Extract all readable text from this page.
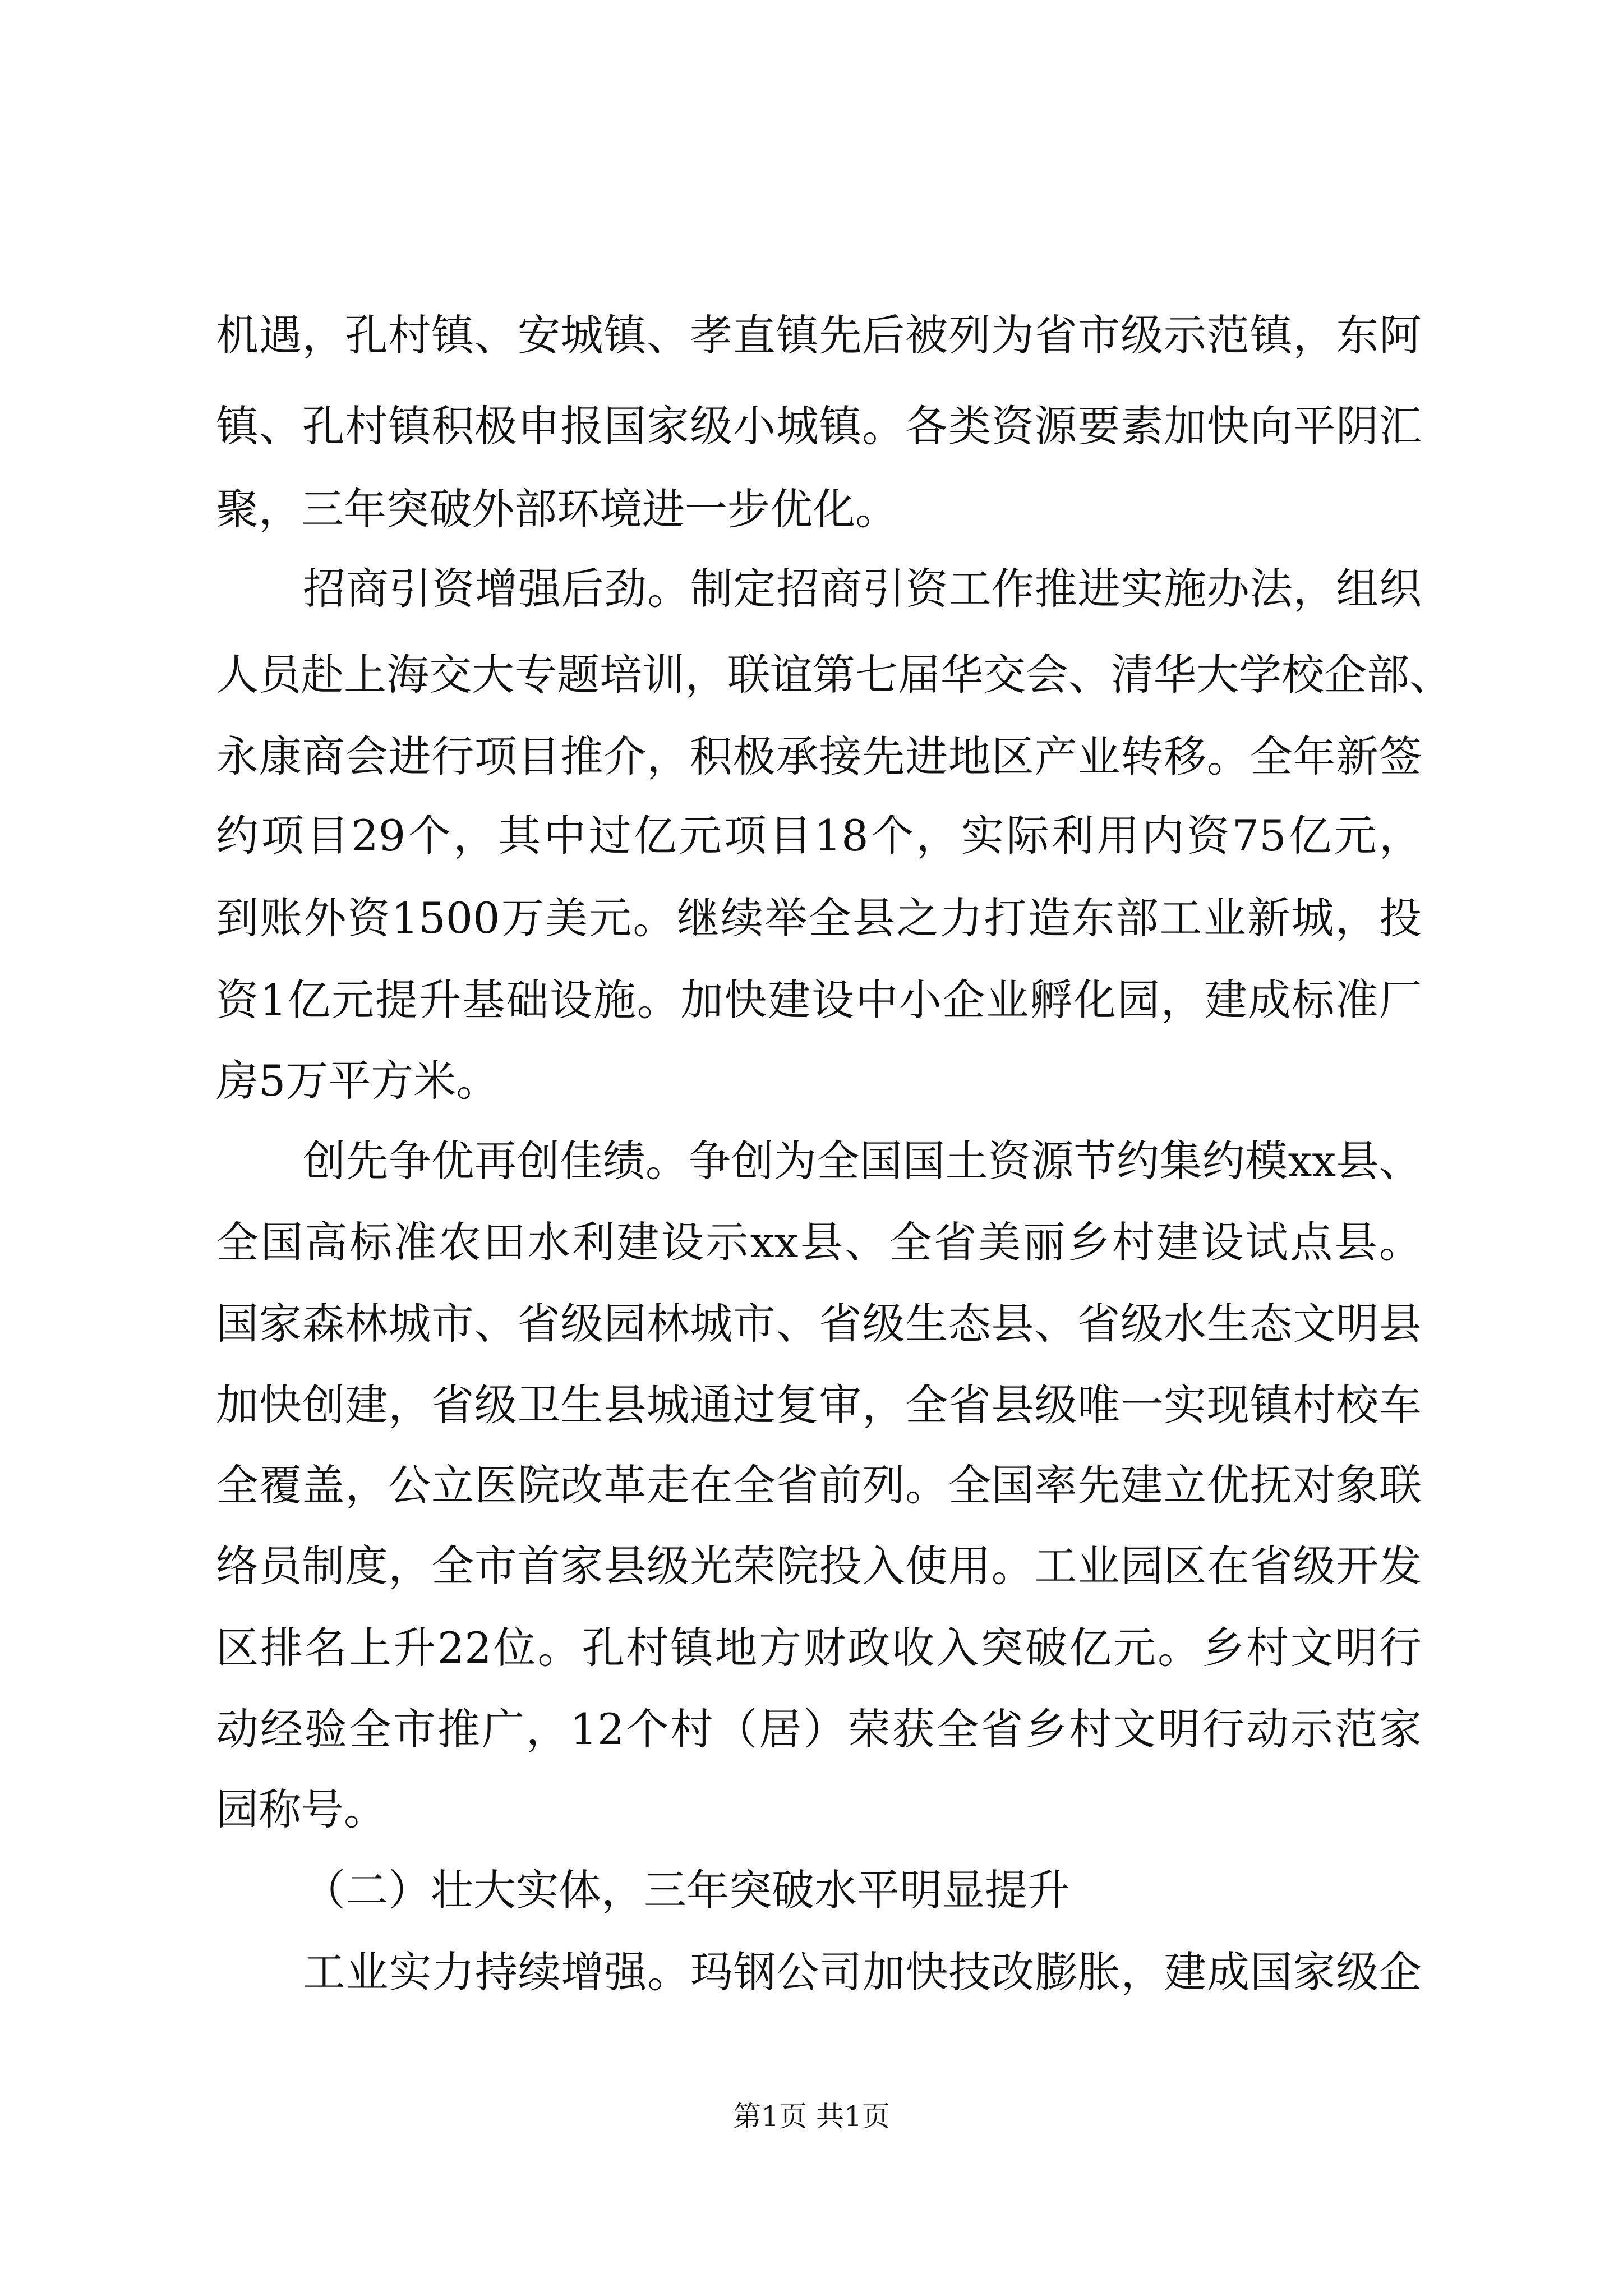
机遇，孔村镇、安城镇、孝直镇先后被列为省市级示范镇，东阿
镇、孔村镇积极申报国家级小城镇。各类资源要素加快向平阴汇
聚，三年突破外部环境进一步优化。
招商引资增强后劲。制定招商引资工作推进实施办法，组织
人员赴上海交大专题培训，联谊第七届华交会、清华大学校企部、
永康商会进行项目推介，积极承接先进地区产业转移。全年新签
约项目29个，其中过亿元项目18个，实际利用内资75亿元，
到账外资1500万美元。继续举全县之力打造东部工业新城，投
资1亿元提升基础设施。加快建设中小企业孵化园，建成标准厂
房5万平方米。
创先争优再创佳绩。争创为全国国土资源节约集约模xx县、
全国高标准农田水利建设示xx县、全省美丽乡村建设试点县。
国家森林城市、省级园林城市、省级生态县、省级水生态文明县
加快创建，省级卫生县城通过复审，全省县级唯一实现镇村校车
全覆盖，公立医院改革走在全省前列。全国率先建立优抚对象联
络员制度，全市首家县级光荣院投入使用。工业园区在省级开发
区排名上升22位。孔村镇地方财政收入突破亿元。乡村文明行
动经验全市推广，12个村（居）荣获全省乡村文明行动示范家
园称号。
（二）壮大实体，三年突破水平明显提升
工业实力持续增强。玛钢公司加快技改膨胀，建成国家级企
第1页 共1页
